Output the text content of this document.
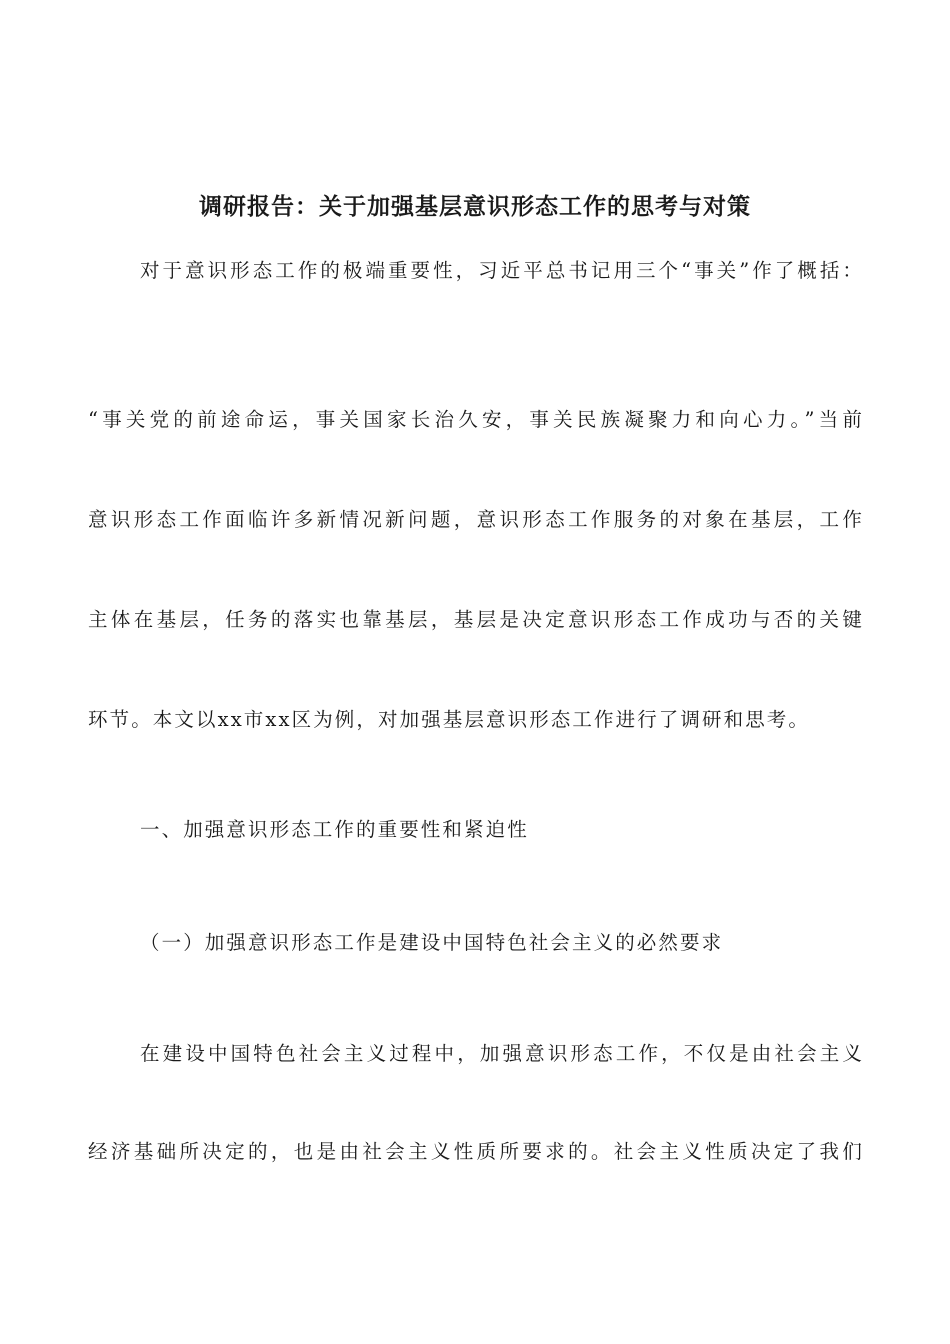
调研报告：关于加强基层意识形态工作的思考与对策
对于意识形态工作的极端重要性，习近平总书记用三个“事关”作了概括：
“事关党的前途命运，事关国家长治久安，事关民族凝聚力和向心力。”当前
意识形态工作面临许多新情况新问题，意识形态工作服务的对象在基层，工作
主体在基层，任务的落实也靠基层，基层是决定意识形态工作成功与否的关键
环节。本文以xx市xx区为例，对加强基层意识形态工作进行了调研和思考。
一、加强意识形态工作的重要性和紧迫性
（一）加强意识形态工作是建设中国特色社会主义的必然要求
在建设中国特色社会主义过程中，加强意识形态工作，不仅是由社会主义
经济基础所决定的，也是由社会主义性质所要求的。社会主义性质决定了我们
